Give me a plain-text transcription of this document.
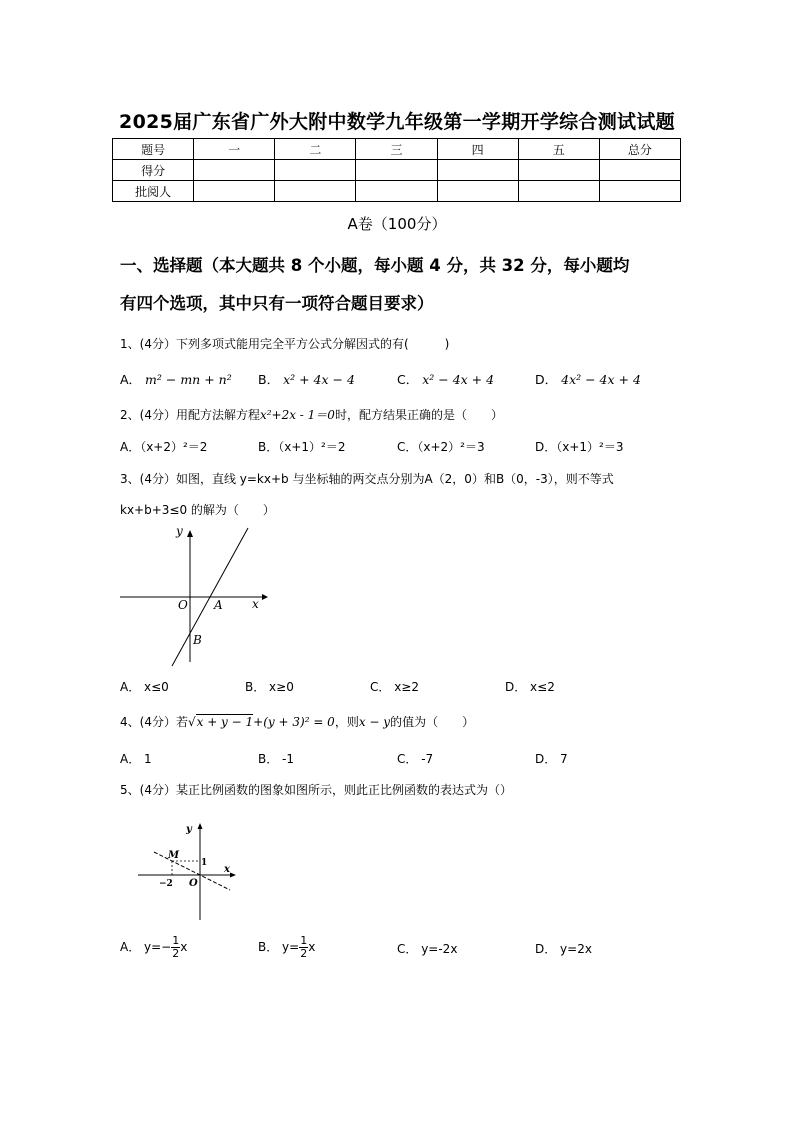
2025届广东省广外大附中数学九年级第一学期开学综合测试试题
题号	一	二	三	四	五	总分
得分						
批阅人						
A卷（100分）
一、选择题（本大题共 8 个小题，每小题 4 分，共 32 分，每小题均
有四个选项，其中只有一项符合题目要求）
1、(4分）下列多项式能用完全平方公式分解因式的有(　　　)
A． m² − mn + n² B． x² + 4x − 4	C． x² − 4x + 4	D． 4x² − 4x + 4
2、(4分）用配方法解方程x²+2x - 1＝0时，配方结果正确的是（　　）
A．（x+2）²＝2	B．（x+1）²＝2	C．（x+2）²＝3	D．（x+1）²＝3
3、(4分）如图，直线 y=kx+b 与坐标轴的两交点分别为A（2，0）和B（0，-3），则不等式
kx+b+3≤0 的解为（　　）
y
x
O A
B
A． x≤0	B． x≥0	C． x≥2	D． x≤2
4、(4分）若√x + y − 1+(y + 3)² = 0，则x − y的值为（　　）
A． 1	B． -1	C． -7	D． 7
5、(4分）某正比例函数的图象如图所示，则此正比例函数的表达式为（）
y
x
M
1
−2 O
A． $y=- \frac{1}{2}$ x	B． $y= \frac{1}{2}$ x	C． y=-2x	D． y=2x
